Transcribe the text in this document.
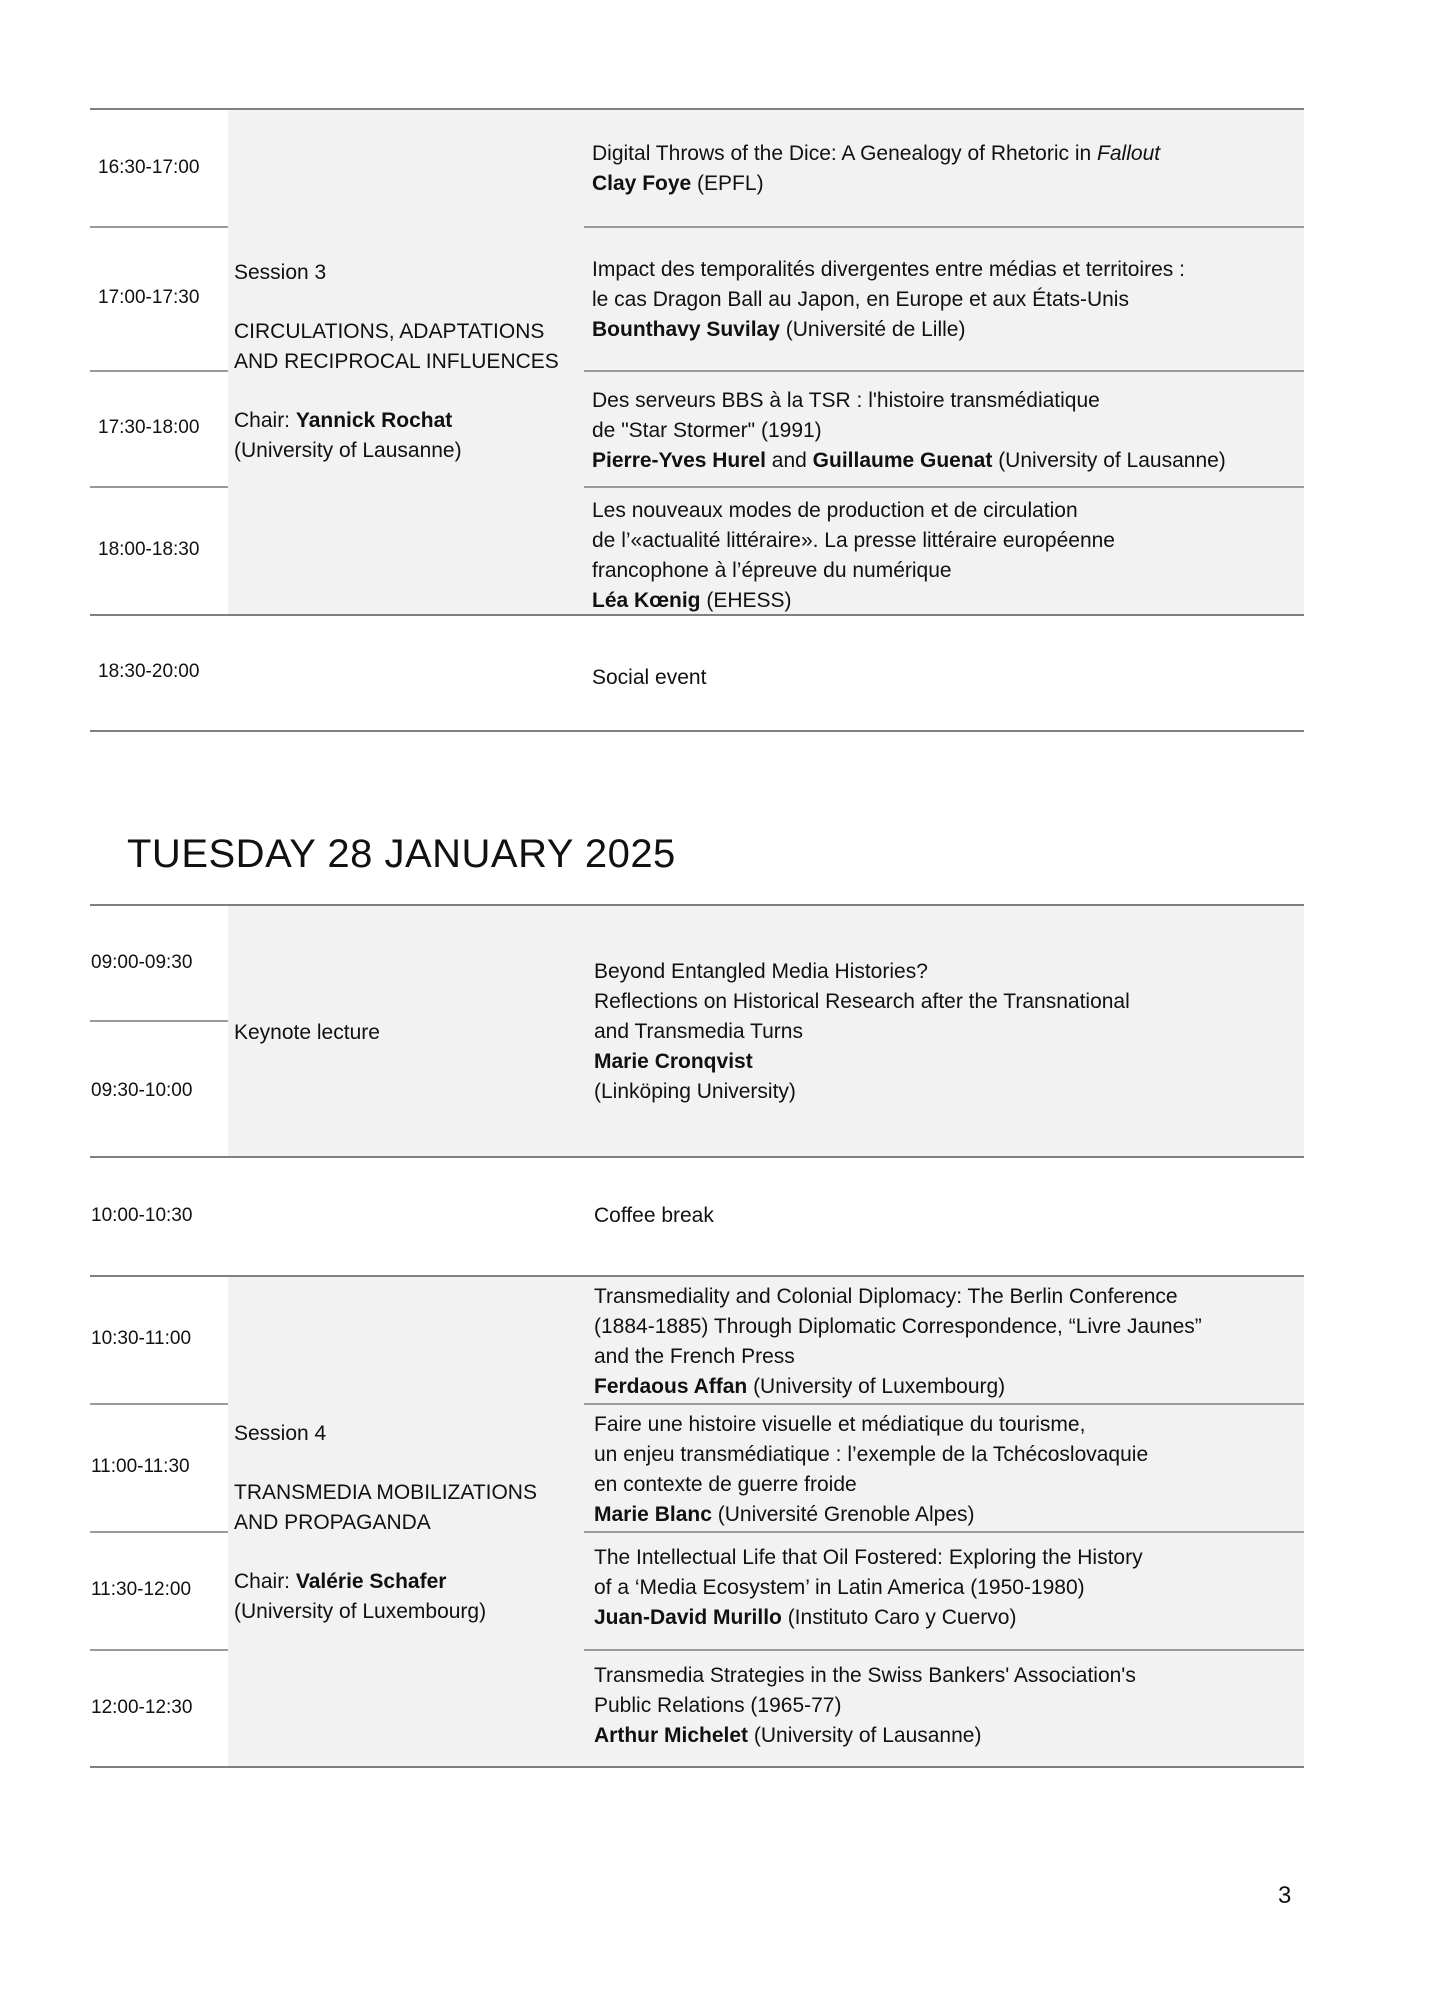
16:30-17:00
17:00-17:30
17:30-18:00
18:00-18:30
18:30-20:00
Session 3
CIRCULATIONS, ADAPTATIONS
AND RECIPROCAL INFLUENCES
Chair: Yannick Rochat
(University of Lausanne)
Digital Throws of the Dice: A Genealogy of Rhetoric in Fallout
Clay Foye (EPFL)
Impact des temporalités divergentes entre médias et territoires :
le cas Dragon Ball au Japon, en Europe et aux États-Unis
Bounthavy Suvilay (Université de Lille)
Des serveurs BBS à la TSR : l'histoire transmédiatique
de "Star Stormer" (1991)
Pierre-Yves Hurel and Guillaume Guenat (University of Lausanne)
Les nouveaux modes de production et de circulation
de l’«actualité littéraire». La presse littéraire européenne
francophone à l’épreuve du numérique
Léa Kœnig (EHESS)
Social event
TUESDAY 28 JANUARY 2025
09:00-09:30
09:30-10:00
Keynote lecture
Beyond Entangled Media Histories?
Reflections on Historical Research after the Transnational
and Transmedia Turns
Marie Cronqvist
(Linköping University)
10:00-10:30	Coffee break
10:30-11:00
11:00-11:30
11:30-12:00
12:00-12:30
Session 4
TRANSMEDIA MOBILIZATIONS
AND PROPAGANDA
Chair: Valérie Schafer
(University of Luxembourg)
Transmediality and Colonial Diplomacy: The Berlin Conference
(1884-1885) Through Diplomatic Correspondence, “Livre Jaunes”
and the French Press
Ferdaous Affan (University of Luxembourg)
Faire une histoire visuelle et médiatique du tourisme,
un enjeu transmédiatique : l’exemple de la Tchécoslovaquie
en contexte de guerre froide
Marie Blanc (Université Grenoble Alpes)
The Intellectual Life that Oil Fostered: Exploring the History
of a ‘Media Ecosystem’ in Latin America (1950-1980)
Juan-David Murillo (Instituto Caro y Cuervo)
Transmedia Strategies in the Swiss Bankers' Association's
Public Relations (1965-77)
Arthur Michelet (University of Lausanne)
3
